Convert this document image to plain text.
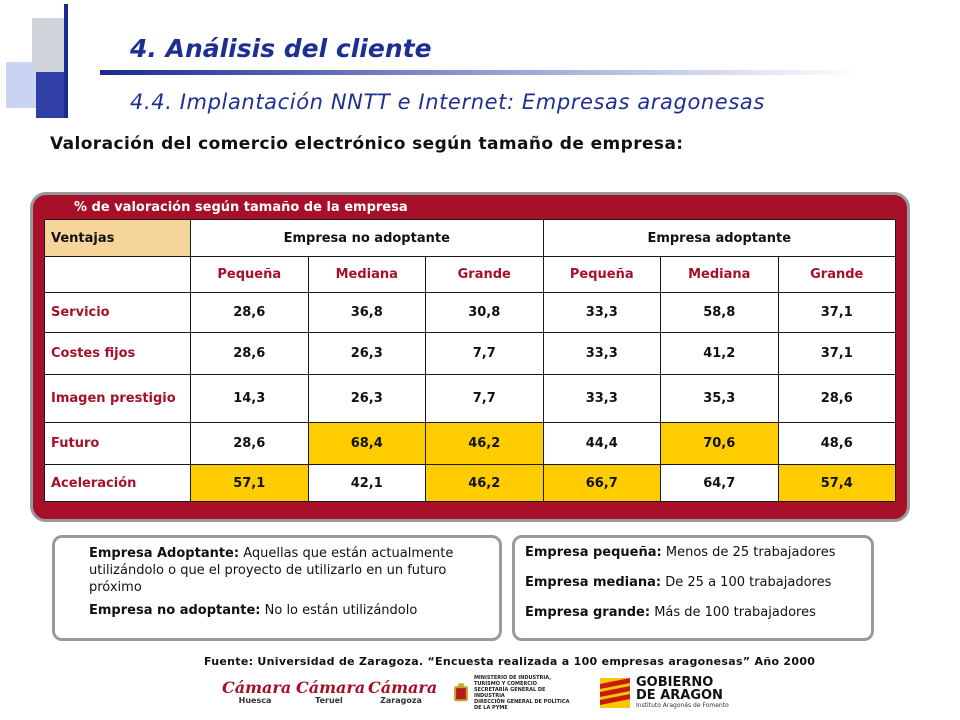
4. Análisis del cliente
4.4. Implantación NNTT e Internet: Empresas aragonesas
Valoración del comercio electrónico según tamaño de empresa:
% de valoración según tamaño de la empresa
Ventajas	Empresa no adoptante			Empresa adoptante		
	Pequeña	Mediana	Grande	Pequeña	Mediana	Grande
Servicio	28,6	36,8	30,8	33,3	58,8	37,1
Costes fijos	28,6	26,3	7,7	33,3	41,2	37,1
Imagen prestigio	14,3	26,3	7,7	33,3	35,3	28,6
Futuro	28,6	68,4	46,2	44,4	70,6	48,6
Aceleración	57,1	42,1	46,2	66,7	64,7	57,4

Empresa Adoptante: Aquellas que están actualmente utilizándolo o que el proyecto de utilizarlo en un futuro próximo

Empresa no adoptante: No lo están utilizándolo

Empresa pequeña: Menos de 25 trabajadores

Empresa mediana: De 25 a 100 trabajadores

Empresa grande: Más de 100 trabajadores

Fuente: Universidad de Zaragoza. “Encuesta realizada a 100 empresas aragonesas” Año 2000
Cámara
Huesca
Cámara
Teruel
Cámara
Zaragoza
MINISTERIO DE INDUSTRIA, TURISMO Y COMERCIO
SECRETARÍA GENERAL DE INDUSTRIA
DIRECCIÓN GENERAL DE POLÍTICA DE LA PYME
GOBIERNO
DE ARAGON
Instituto Aragonés de Fomento
